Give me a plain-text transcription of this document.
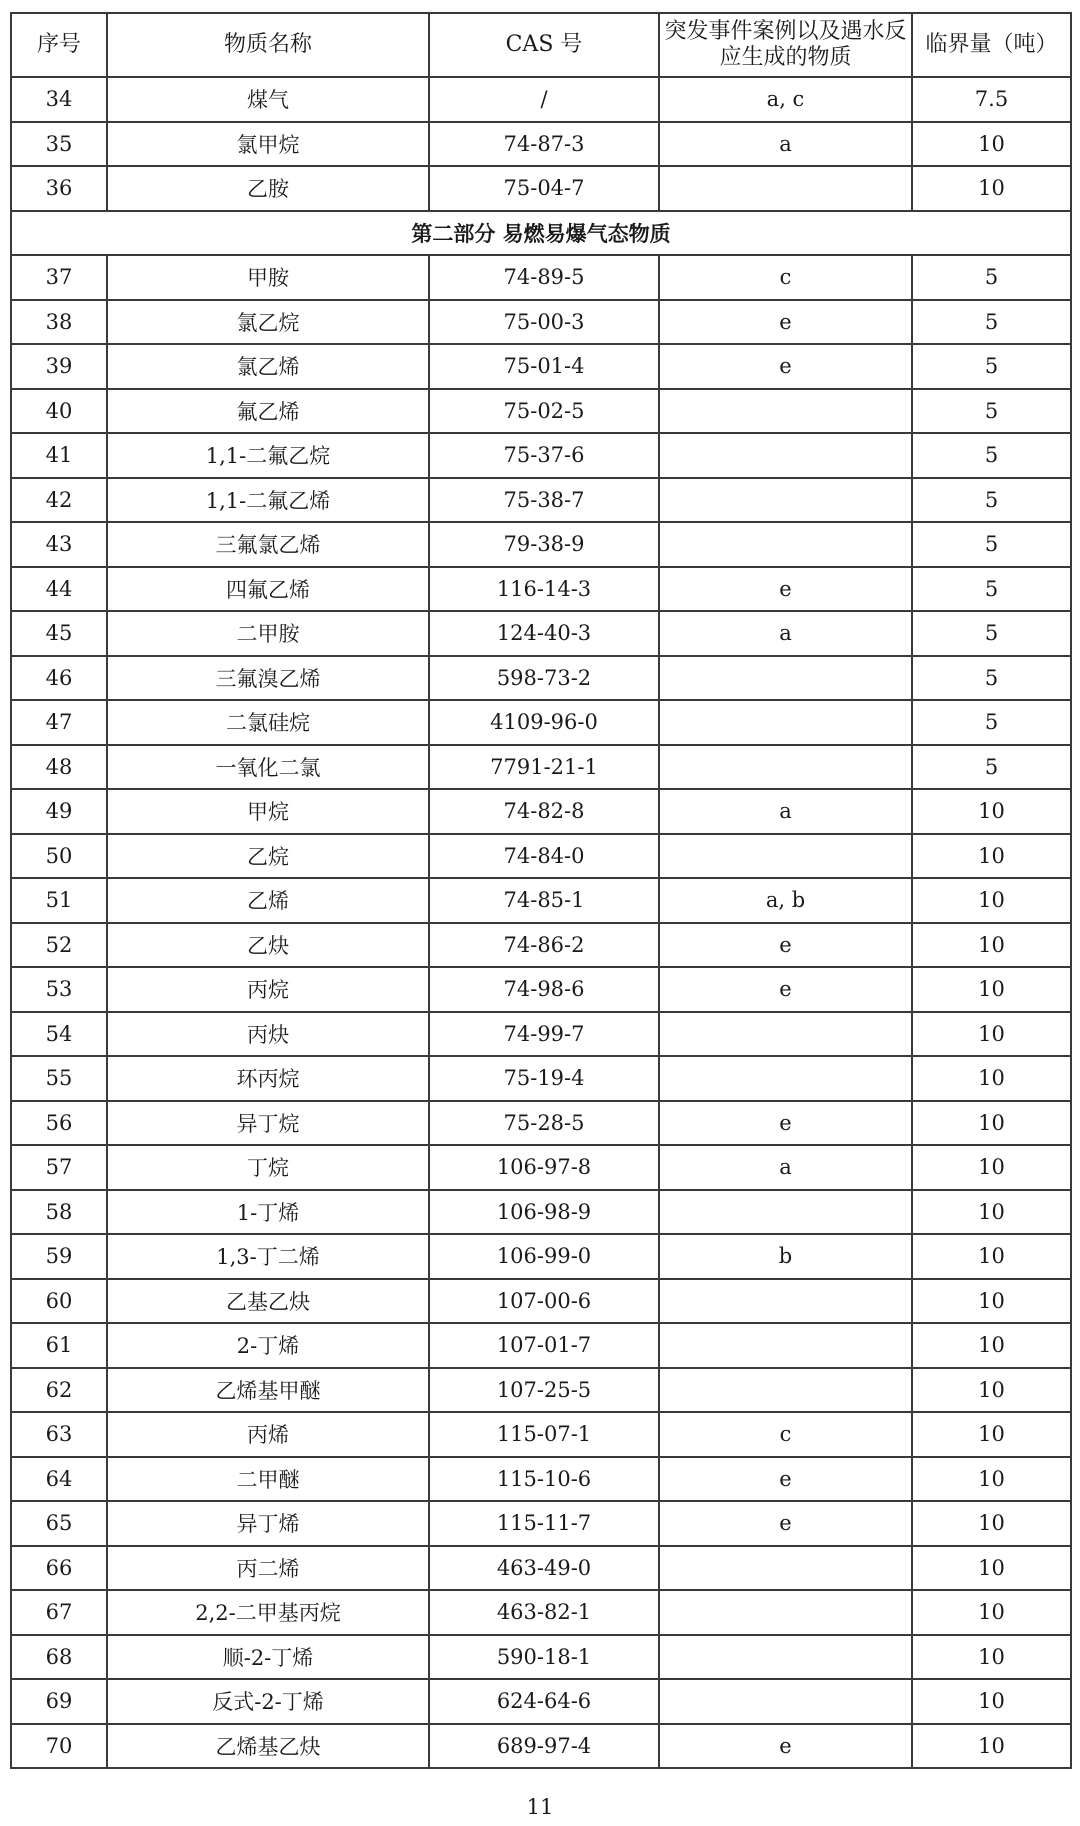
序号	物质名称	CAS 号	突发事件案例以及遇水反应生成的物质	临界量（吨）
34	煤气	/	a, c	7.5
35	氯甲烷	74-87-3	a	10
36	乙胺	75-04-7		10
第二部分 易燃易爆气态物质				
37	甲胺	74-89-5	c	5
38	氯乙烷	75-00-3	e	5
39	氯乙烯	75-01-4	e	5
40	氟乙烯	75-02-5		5
41	1,1-二氟乙烷	75-37-6		5
42	1,1-二氟乙烯	75-38-7		5
43	三氟氯乙烯	79-38-9		5
44	四氟乙烯	116-14-3	e	5
45	二甲胺	124-40-3	a	5
46	三氟溴乙烯	598-73-2		5
47	二氯硅烷	4109-96-0		5
48	一氧化二氯	7791-21-1		5
49	甲烷	74-82-8	a	10
50	乙烷	74-84-0		10
51	乙烯	74-85-1	a, b	10
52	乙炔	74-86-2	e	10
53	丙烷	74-98-6	e	10
54	丙炔	74-99-7		10
55	环丙烷	75-19-4		10
56	异丁烷	75-28-5	e	10
57	丁烷	106-97-8	a	10
58	1-丁烯	106-98-9		10
59	1,3-丁二烯	106-99-0	b	10
60	乙基乙炔	107-00-6		10
61	2-丁烯	107-01-7		10
62	乙烯基甲醚	107-25-5		10
63	丙烯	115-07-1	c	10
64	二甲醚	115-10-6	e	10
65	异丁烯	115-11-7	e	10
66	丙二烯	463-49-0		10
67	2,2-二甲基丙烷	463-82-1		10
68	顺-2-丁烯	590-18-1		10
69	反式-2-丁烯	624-64-6		10
70	乙烯基乙炔	689-97-4	e	10
11
